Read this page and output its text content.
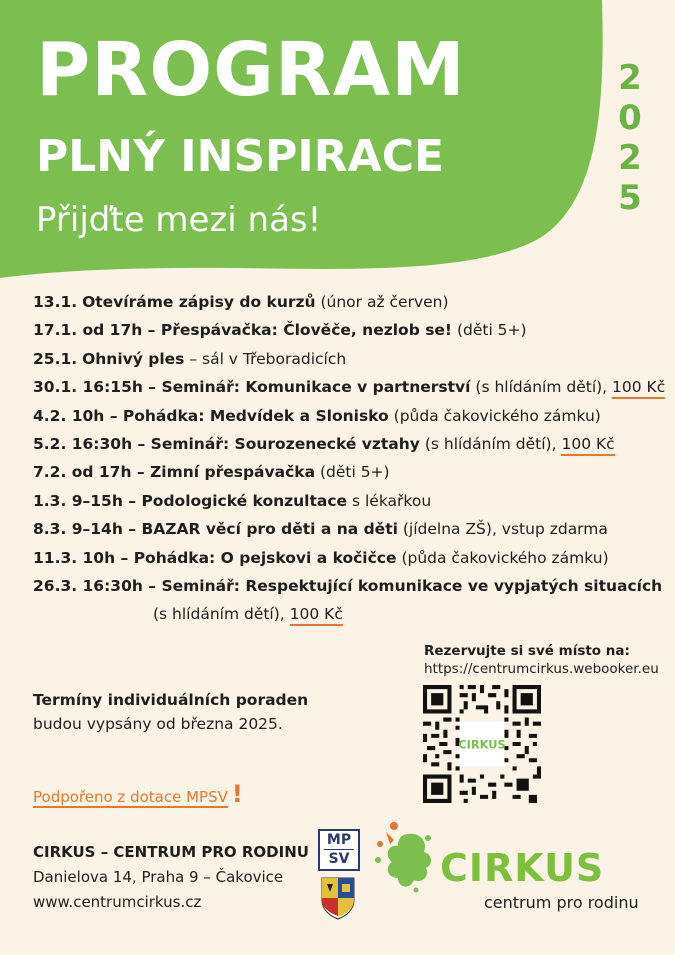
PROGRAM
PLNÝ INSPIRACE
Přijďte mezi nás!
2
0
2
5
13.1. Otevíráme zápisy do kurzů (únor až červen)
17.1. od 17h – Přespávačka: Člověče, nezlob se! (děti 5+)
25.1. Ohnivý ples – sál v Třeboradicích
30.1. 16:15h – Seminář: Komunikace v partnerství (s hlídáním dětí), 100 Kč
4.2. 10h – Pohádka: Medvídek a Slonisko (půda čakovického zámku)
5.2. 16:30h – Seminář: Sourozenecké vztahy (s hlídáním dětí), 100 Kč
7.2. od 17h – Zimní přespávačka (děti 5+)
1.3. 9–15h – Podologické konzultace s lékařkou
8.3. 9–14h – BAZAR věcí pro děti a na děti (jídelna ZŠ), vstup zdarma
11.3. 10h – Pohádka: O pejskovi a kočičce (půda čakovického zámku)
26.3. 16:30h – Seminář: Respektující komunikace ve vypjatých situacích
(s hlídáním dětí), 100 Kč
Rezervujte si své místo na:
https://centrumcirkus.webooker.eu
CIRKUS
Termíny individuálních poraden
budou vypsány od března 2025.
Podpořeno z dotace MPSV !
CIRKUS – CENTRUM PRO RODINU
Danielova 14, Praha 9 – Čakovice
www.centrumcirkus.cz
MP
SV CIRKUS
centrum pro rodinu
